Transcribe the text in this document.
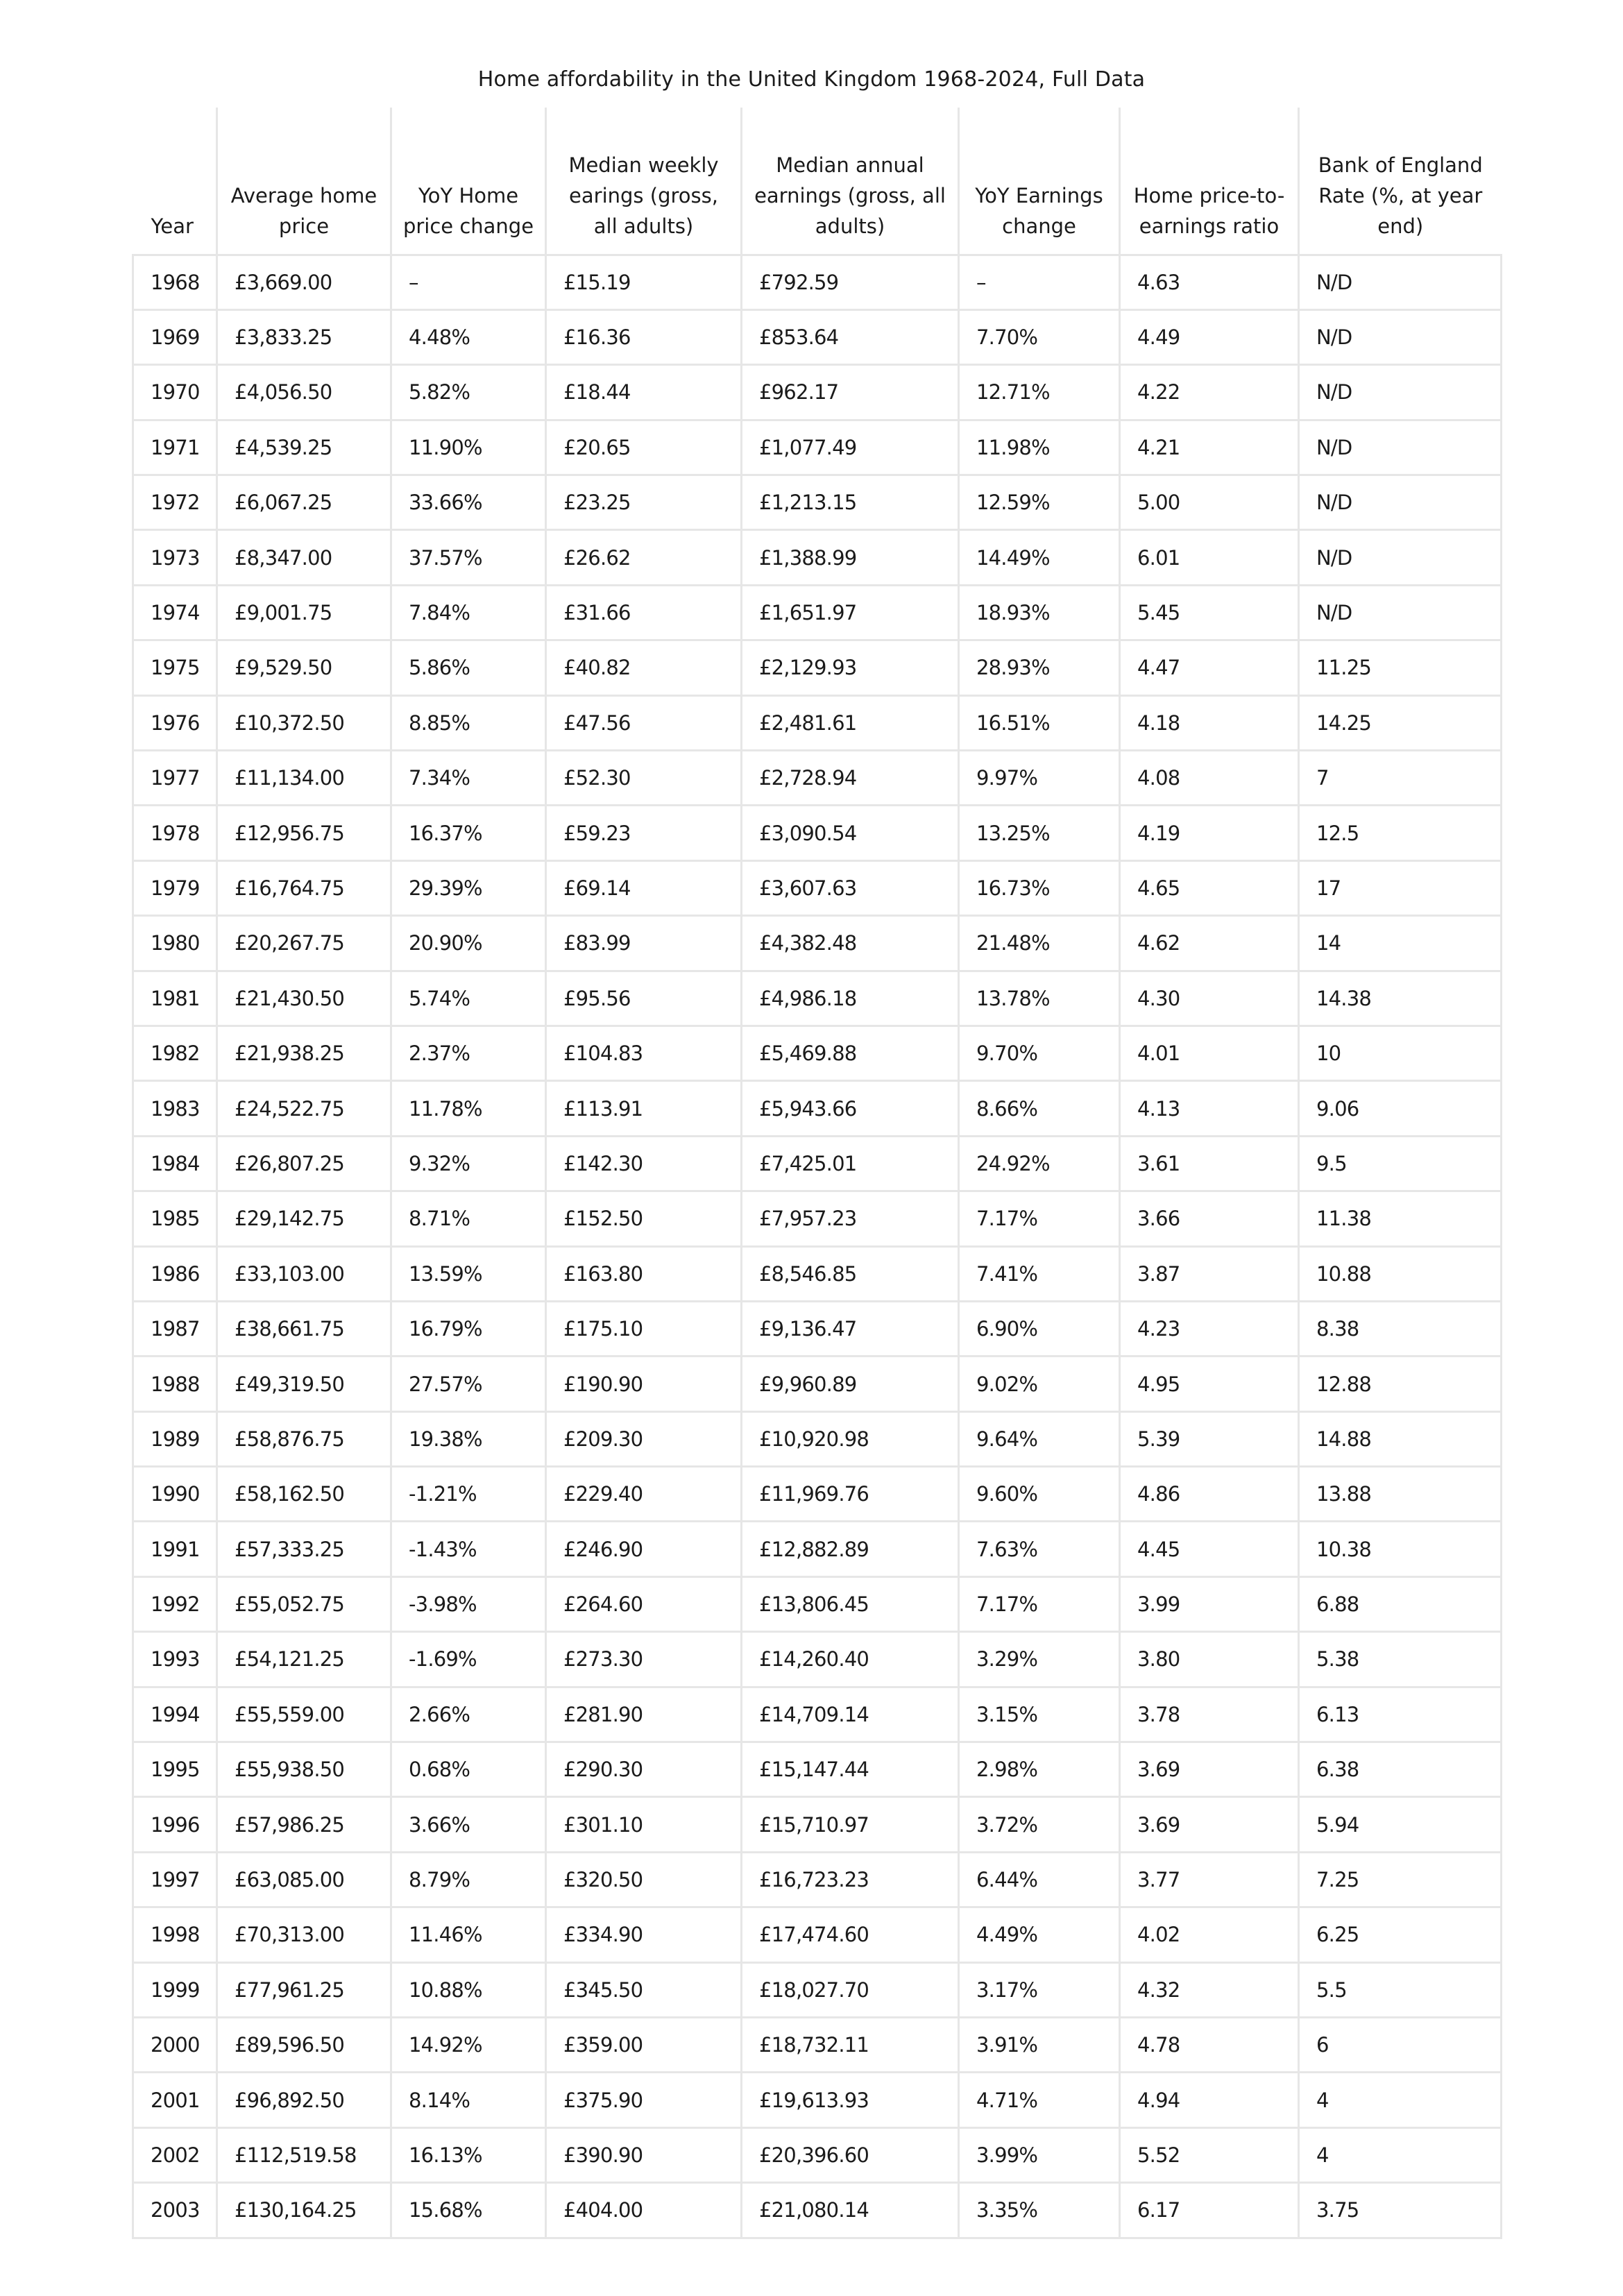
Home affordability in the United Kingdom 1968-2024, Full Data
Year	Average home price	YoY Home price change	Median weekly earings (gross, all adults)	Median annual earnings (gross, all adults)	YoY Earnings change	Home price-to-earnings ratio	Bank of England Rate (%, at year end)
1968	£3,669.00	–	£15.19	£792.59	–	4.63	N/D
1969	£3,833.25	4.48%	£16.36	£853.64	7.70%	4.49	N/D
1970	£4,056.50	5.82%	£18.44	£962.17	12.71%	4.22	N/D
1971	£4,539.25	11.90%	£20.65	£1,077.49	11.98%	4.21	N/D
1972	£6,067.25	33.66%	£23.25	£1,213.15	12.59%	5.00	N/D
1973	£8,347.00	37.57%	£26.62	£1,388.99	14.49%	6.01	N/D
1974	£9,001.75	7.84%	£31.66	£1,651.97	18.93%	5.45	N/D
1975	£9,529.50	5.86%	£40.82	£2,129.93	28.93%	4.47	11.25
1976	£10,372.50	8.85%	£47.56	£2,481.61	16.51%	4.18	14.25
1977	£11,134.00	7.34%	£52.30	£2,728.94	9.97%	4.08	7
1978	£12,956.75	16.37%	£59.23	£3,090.54	13.25%	4.19	12.5
1979	£16,764.75	29.39%	£69.14	£3,607.63	16.73%	4.65	17
1980	£20,267.75	20.90%	£83.99	£4,382.48	21.48%	4.62	14
1981	£21,430.50	5.74%	£95.56	£4,986.18	13.78%	4.30	14.38
1982	£21,938.25	2.37%	£104.83	£5,469.88	9.70%	4.01	10
1983	£24,522.75	11.78%	£113.91	£5,943.66	8.66%	4.13	9.06
1984	£26,807.25	9.32%	£142.30	£7,425.01	24.92%	3.61	9.5
1985	£29,142.75	8.71%	£152.50	£7,957.23	7.17%	3.66	11.38
1986	£33,103.00	13.59%	£163.80	£8,546.85	7.41%	3.87	10.88
1987	£38,661.75	16.79%	£175.10	£9,136.47	6.90%	4.23	8.38
1988	£49,319.50	27.57%	£190.90	£9,960.89	9.02%	4.95	12.88
1989	£58,876.75	19.38%	£209.30	£10,920.98	9.64%	5.39	14.88
1990	£58,162.50	-1.21%	£229.40	£11,969.76	9.60%	4.86	13.88
1991	£57,333.25	-1.43%	£246.90	£12,882.89	7.63%	4.45	10.38
1992	£55,052.75	-3.98%	£264.60	£13,806.45	7.17%	3.99	6.88
1993	£54,121.25	-1.69%	£273.30	£14,260.40	3.29%	3.80	5.38
1994	£55,559.00	2.66%	£281.90	£14,709.14	3.15%	3.78	6.13
1995	£55,938.50	0.68%	£290.30	£15,147.44	2.98%	3.69	6.38
1996	£57,986.25	3.66%	£301.10	£15,710.97	3.72%	3.69	5.94
1997	£63,085.00	8.79%	£320.50	£16,723.23	6.44%	3.77	7.25
1998	£70,313.00	11.46%	£334.90	£17,474.60	4.49%	4.02	6.25
1999	£77,961.25	10.88%	£345.50	£18,027.70	3.17%	4.32	5.5
2000	£89,596.50	14.92%	£359.00	£18,732.11	3.91%	4.78	6
2001	£96,892.50	8.14%	£375.90	£19,613.93	4.71%	4.94	4
2002	£112,519.58	16.13%	£390.90	£20,396.60	3.99%	5.52	4
2003	£130,164.25	15.68%	£404.00	£21,080.14	3.35%	6.17	3.75
